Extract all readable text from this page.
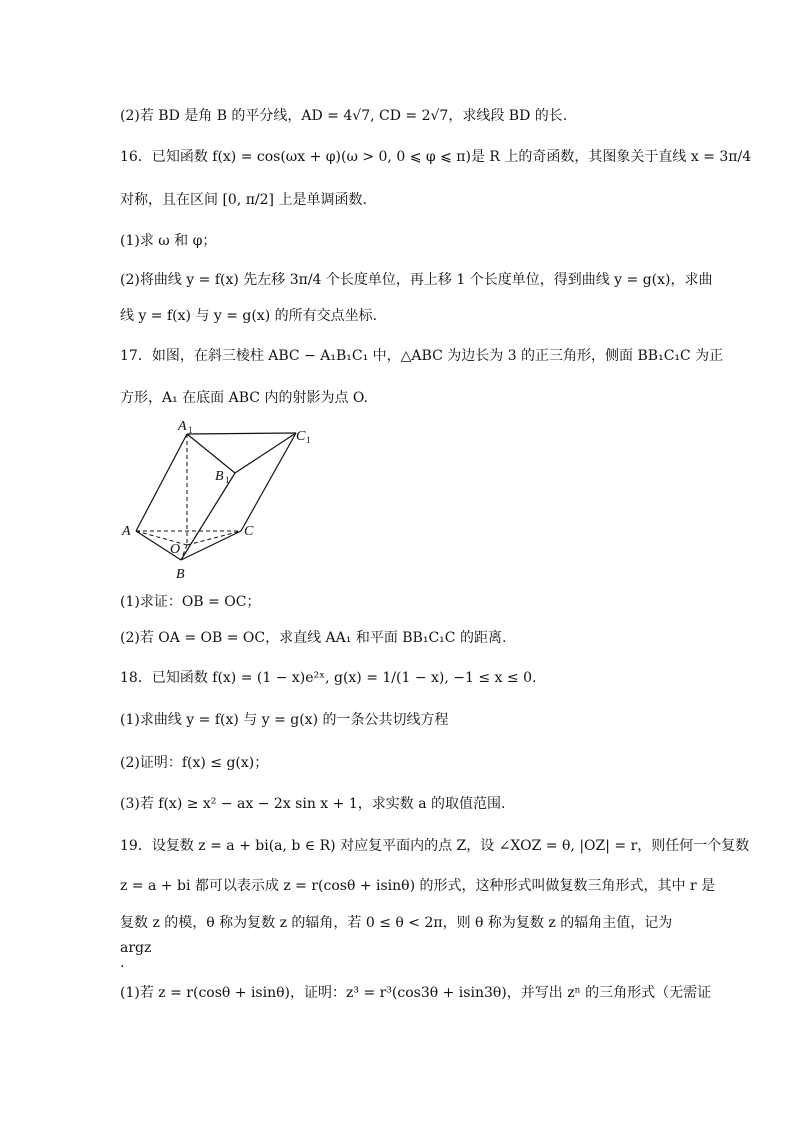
(2)若 BD 是角 B 的平分线，AD = 4√7, CD = 2√7，求线段 BD 的长.
16．已知函数 f(x) = cos(ωx + φ)(ω > 0, 0 ⩽ φ ⩽ π)是 R 上的奇函数，其图象关于直线 x = 3π/4
对称，且在区间 [0, π/2] 上是单调函数.
(1)求 ω 和 φ；
(2)将曲线 y = f(x) 先左移 3π/4 个长度单位，再上移 1 个长度单位，得到曲线 y = g(x)，求曲
线 y = f(x) 与 y = g(x) 的所有交点坐标.
17．如图，在斜三棱柱 ABC − A₁B₁C₁ 中，△ABC 为边长为 3 的正三角形，侧面 BB₁C₁C 为正
方形，A₁ 在底面 ABC 内的射影为点 O.
(1)求证：OB = OC；
(2)若 OA = OB = OC，求直线 AA₁ 和平面 BB₁C₁C 的距离.
18．已知函数 f(x) = (1 − x)e²ˣ, g(x) = 1/(1 − x), −1 ≤ x ≤ 0.
(1)求曲线 y = f(x) 与 y = g(x) 的一条公共切线方程
(2)证明：f(x) ≤ g(x)；
(3)若 f(x) ≥ x² − ax − 2x sin x + 1，求实数 a 的取值范围.
19．设复数 z = a + bi(a, b ∈ R) 对应复平面内的点 Z，设 ∠XOZ = θ, |OZ| = r，则任何一个复数
z = a + bi 都可以表示成 z = r(cosθ + isinθ) 的形式，这种形式叫做复数三角形式，其中 r 是
复数 z 的模，θ 称为复数 z 的辐角，若 0 ≤ θ < 2π，则 θ 称为复数 z 的辐角主值，记为
argz
.
(1)若 z = r(cosθ + isinθ)，证明：z³ = r³(cos3θ + isin3θ)，并写出 zⁿ 的三角形式（无需证
A 1	C 1
B 1
A	C
O
B
